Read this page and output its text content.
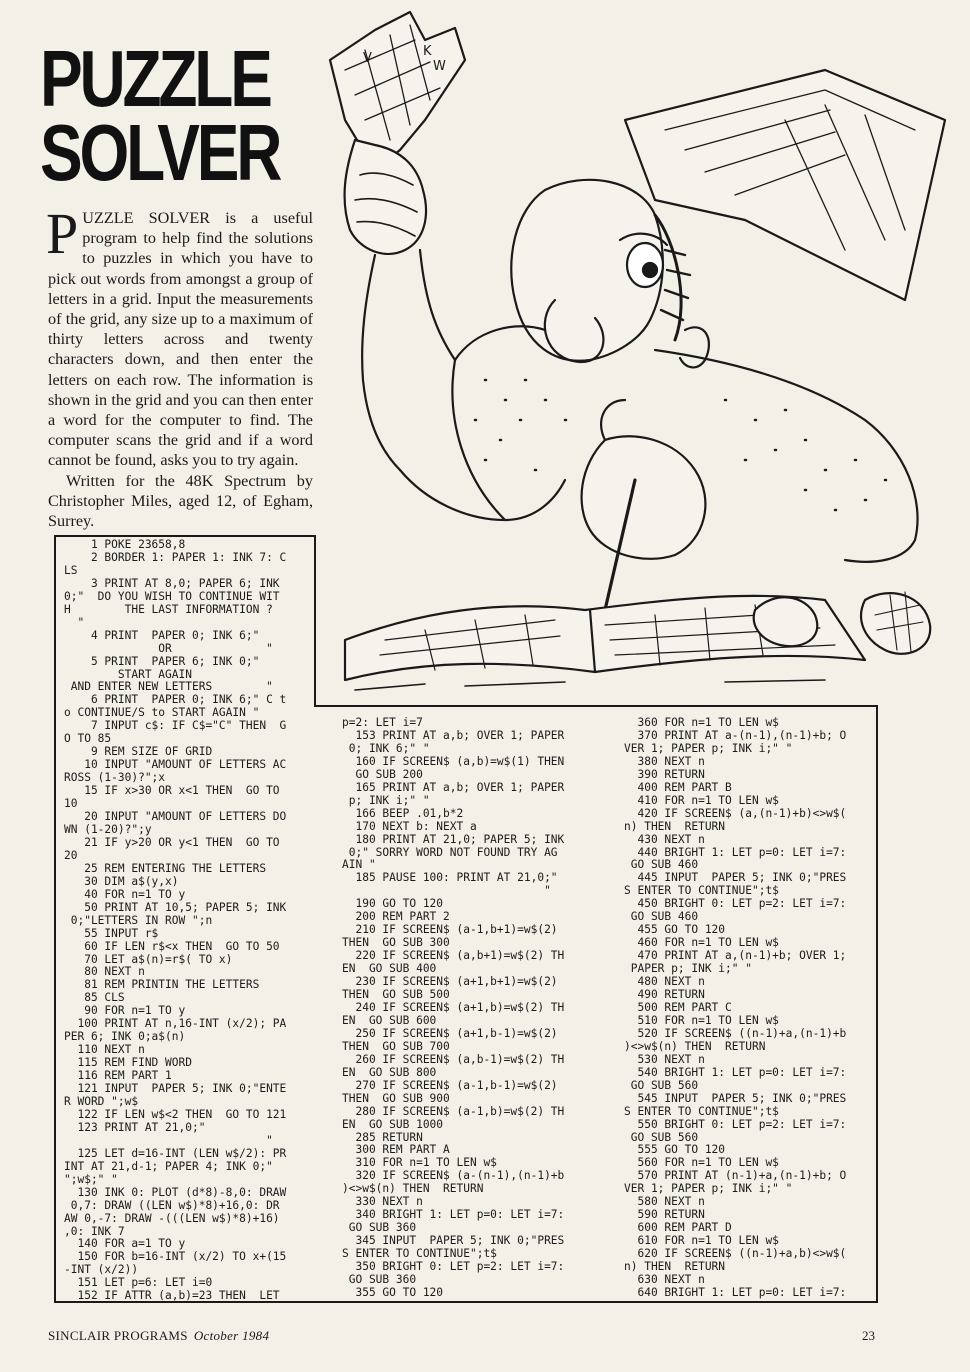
PUZZLE
SOLVER

PUZZLE SOLVER is a useful program to help find the solutions to puzzles in which you have to pick out words from amongst a group of letters in a grid. Input the measurements of the grid, any size up to a maximum of thirty letters across and twenty characters down, and then enter the letters on each row. The information is shown in the grid and you can then enter a word for the computer to find. The computer scans the grid and if a word cannot be found, asks you to try again.

Written for the 48K Spectrum by Christopher Miles, aged 12, of Egham, Surrey.

V	K
W
1 POKE 23658,8
2 BORDER 1: PAPER 1: INK 7: C
LS
3 PRINT AT 8,0; PAPER 6; INK
0;"  DO YOU WISH TO CONTINUE WIT
H        THE LAST INFORMATION ?
"
4 PRINT  PAPER 0; INK 6;"
OR              "
5 PRINT  PAPER 6; INK 0;"
START AGAIN
AND ENTER NEW LETTERS        "
6 PRINT  PAPER 0; INK 6;" C t
o CONTINUE/S to START AGAIN "
7 INPUT c$: IF C$="C" THEN  G
O TO 85
9 REM SIZE OF GRID
10 INPUT "AMOUNT OF LETTERS AC
ROSS (1-30)?";x
15 IF x>30 OR x<1 THEN  GO TO
10
20 INPUT "AMOUNT OF LETTERS DO
WN (1-20)?";y
21 IF y>20 OR y<1 THEN  GO TO
20
25 REM ENTERING THE LETTERS
30 DIM a$(y,x)
40 FOR n=1 TO y
50 PRINT AT 10,5; PAPER 5; INK
0;"LETTERS IN ROW ";n
55 INPUT r$
60 IF LEN r$<x THEN  GO TO 50
70 LET a$(n)=r$( TO x)
80 NEXT n
81 REM PRINTIN THE LETTERS
85 CLS
90 FOR n=1 TO y
100 PRINT AT n,16-INT (x/2); PA
PER 6; INK 0;a$(n)
110 NEXT n
115 REM FIND WORD
116 REM PART 1
121 INPUT  PAPER 5; INK 0;"ENTE
R WORD ";w$
122 IF LEN w$<2 THEN  GO TO 121
123 PRINT AT 21,0;"
"
125 LET d=16-INT (LEN w$/2): PR
INT AT 21,d-1; PAPER 4; INK 0;"
";w$;" "
130 INK 0: PLOT (d*8)-8,0: DRAW
0,7: DRAW ((LEN w$)*8)+16,0: DR
AW 0,-7: DRAW -(((LEN w$)*8)+16)
,0: INK 7
140 FOR a=1 TO y
150 FOR b=16-INT (x/2) TO x+(15
-INT (x/2))
151 LET p=6: LET i=0
152 IF ATTR (a,b)=23 THEN  LET
p=2: LET i=7
153 PRINT AT a,b; OVER 1; PAPER
0; INK 6;" "
160 IF SCREEN$ (a,b)=w$(1) THEN
GO SUB 200
165 PRINT AT a,b; OVER 1; PAPER
p; INK i;" "
166 BEEP .01,b*2
170 NEXT b: NEXT a
180 PRINT AT 21,0; PAPER 5; INK
0;" SORRY WORD NOT FOUND TRY AG
AIN "
185 PAUSE 100: PRINT AT 21,0;"
"
190 GO TO 120
200 REM PART 2
210 IF SCREEN$ (a-1,b+1)=w$(2)
THEN  GO SUB 300
220 IF SCREEN$ (a,b+1)=w$(2) TH
EN  GO SUB 400
230 IF SCREEN$ (a+1,b+1)=w$(2)
THEN  GO SUB 500
240 IF SCREEN$ (a+1,b)=w$(2) TH
EN  GO SUB 600
250 IF SCREEN$ (a+1,b-1)=w$(2)
THEN  GO SUB 700
260 IF SCREEN$ (a,b-1)=w$(2) TH
EN  GO SUB 800
270 IF SCREEN$ (a-1,b-1)=w$(2)
THEN  GO SUB 900
280 IF SCREEN$ (a-1,b)=w$(2) TH
EN  GO SUB 1000
285 RETURN
300 REM PART A
310 FOR n=1 TO LEN w$
320 IF SCREEN$ (a-(n-1),(n-1)+b
)<>w$(n) THEN  RETURN
330 NEXT n
340 BRIGHT 1: LET p=0: LET i=7:
GO SUB 360
345 INPUT  PAPER 5; INK 0;"PRES
S ENTER TO CONTINUE";t$
350 BRIGHT 0: LET p=2: LET i=7:
GO SUB 360
355 GO TO 120
360 FOR n=1 TO LEN w$
370 PRINT AT a-(n-1),(n-1)+b; O
VER 1; PAPER p; INK i;" "
380 NEXT n
390 RETURN
400 REM PART B
410 FOR n=1 TO LEN w$
420 IF SCREEN$ (a,(n-1)+b)<>w$(
n) THEN  RETURN
430 NEXT n
440 BRIGHT 1: LET p=0: LET i=7:
GO SUB 460
445 INPUT  PAPER 5; INK 0;"PRES
S ENTER TO CONTINUE";t$
450 BRIGHT 0: LET p=2: LET i=7:
GO SUB 460
455 GO TO 120
460 FOR n=1 TO LEN w$
470 PRINT AT a,(n-1)+b; OVER 1;
PAPER p; INK i;" "
480 NEXT n
490 RETURN
500 REM PART C
510 FOR n=1 TO LEN w$
520 IF SCREEN$ ((n-1)+a,(n-1)+b
)<>w$(n) THEN  RETURN
530 NEXT n
540 BRIGHT 1: LET p=0: LET i=7:
GO SUB 560
545 INPUT  PAPER 5; INK 0;"PRES
S ENTER TO CONTINUE";t$
550 BRIGHT 0: LET p=2: LET i=7:
GO SUB 560
555 GO TO 120
560 FOR n=1 TO LEN w$
570 PRINT AT (n-1)+a,(n-1)+b; O
VER 1; PAPER p; INK i;" "
580 NEXT n
590 RETURN
600 REM PART D
610 FOR n=1 TO LEN w$
620 IF SCREEN$ ((n-1)+a,b)<>w$(
n) THEN  RETURN
630 NEXT n
640 BRIGHT 1: LET p=0: LET i=7:
SINCLAIR PROGRAMS October 1984	23
